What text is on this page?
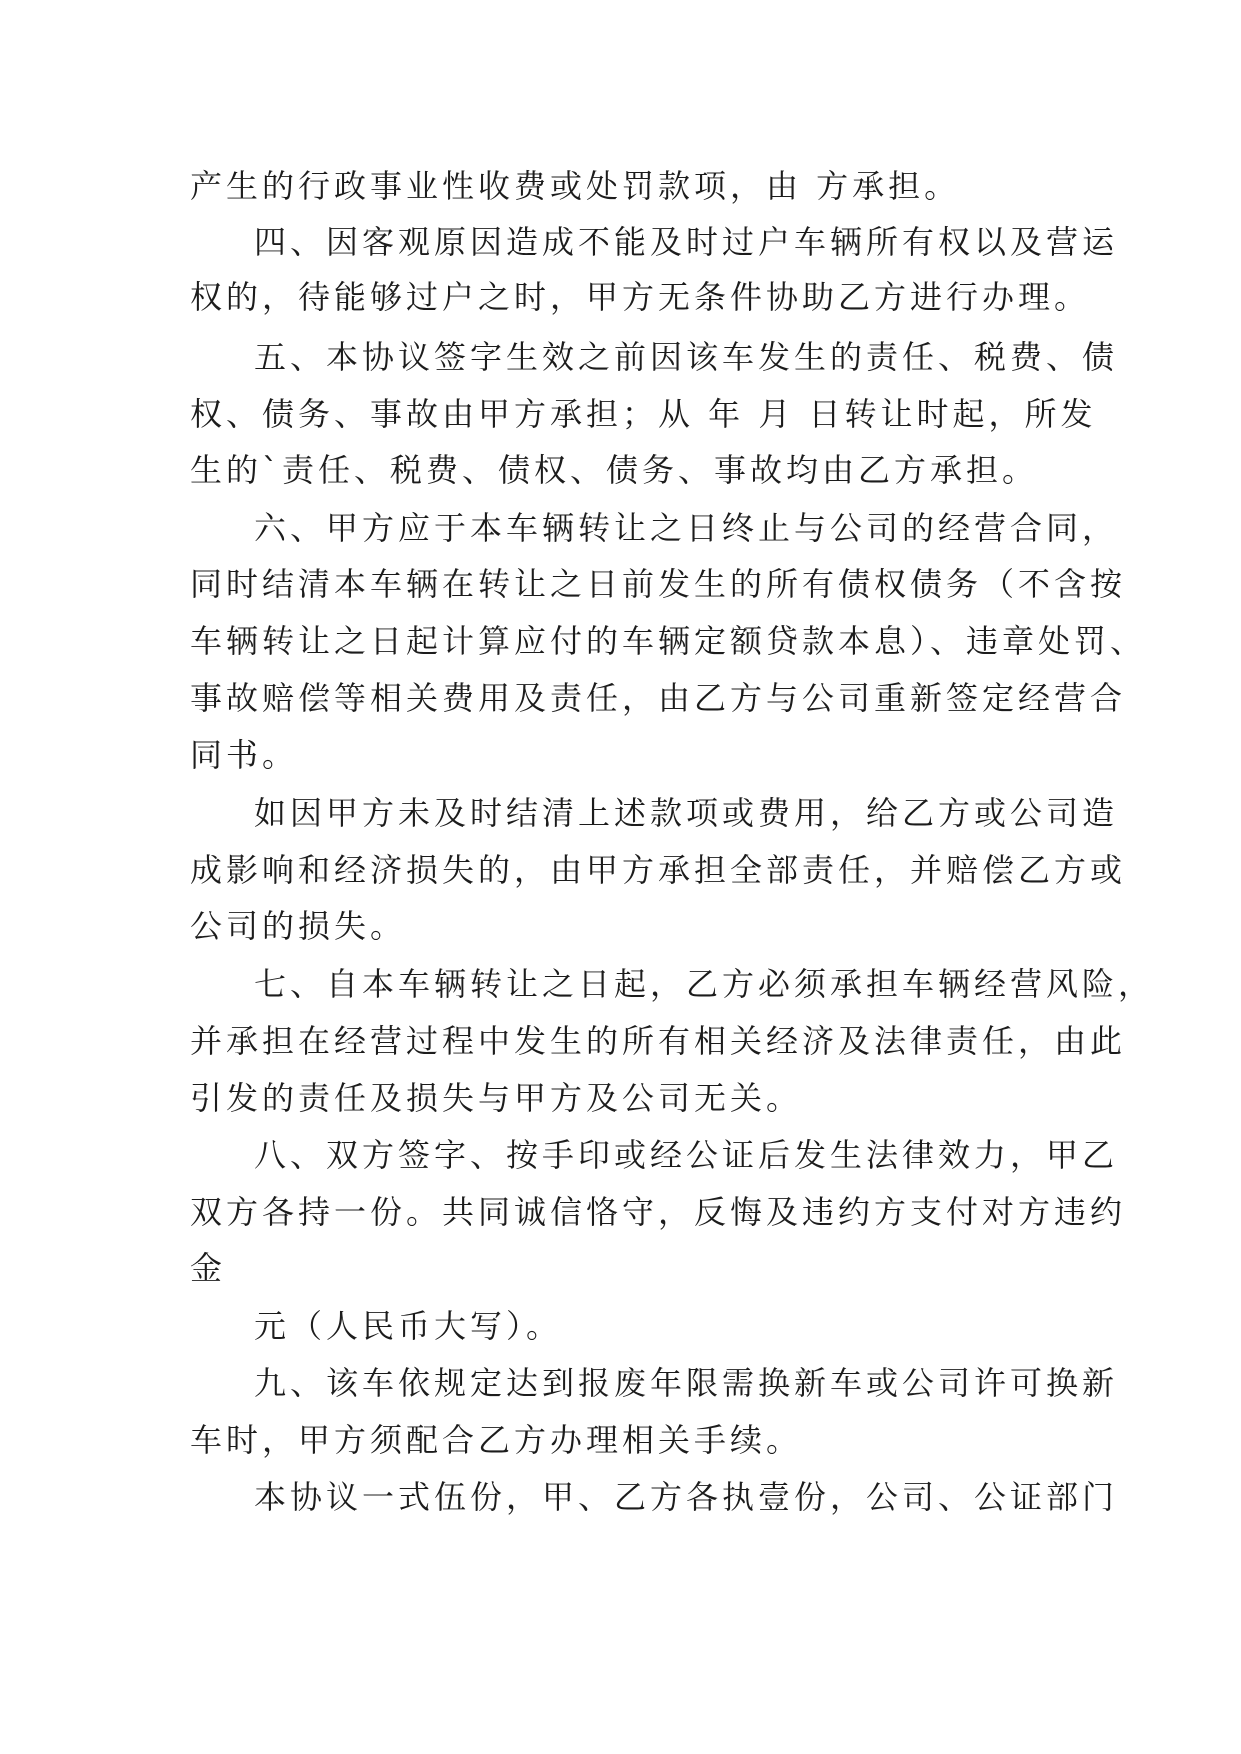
产生的行政事业性收费或处罚款项，由 方承担。

四、因客观原因造成不能及时过户车辆所有权以及营运

权的，待能够过户之时，甲方无条件协助乙方进行办理。

五、本协议签字生效之前因该车发生的责任、税费、债

权、债务、事故由甲方承担；从 年 月 日转让时起，所发

生的`责任、税费、债权、债务、事故均由乙方承担。

六、甲方应于本车辆转让之日终止与公司的经营合同，

同时结清本车辆在转让之日前发生的所有债权债务（不含按

车辆转让之日起计算应付的车辆定额贷款本息）、违章处罚、

事故赔偿等相关费用及责任，由乙方与公司重新签定经营合

同书。

如因甲方未及时结清上述款项或费用，给乙方或公司造

成影响和经济损失的，由甲方承担全部责任，并赔偿乙方或

公司的损失。

七、自本车辆转让之日起，乙方必须承担车辆经营风险，

并承担在经营过程中发生的所有相关经济及法律责任，由此

引发的责任及损失与甲方及公司无关。

八、双方签字、按手印或经公证后发生法律效力，甲乙

双方各持一份。共同诚信恪守，反悔及违约方支付对方违约

金

元（人民币大写）。

九、该车依规定达到报废年限需换新车或公司许可换新

车时，甲方须配合乙方办理相关手续。

本协议一式伍份，甲、乙方各执壹份，公司、公证部门
